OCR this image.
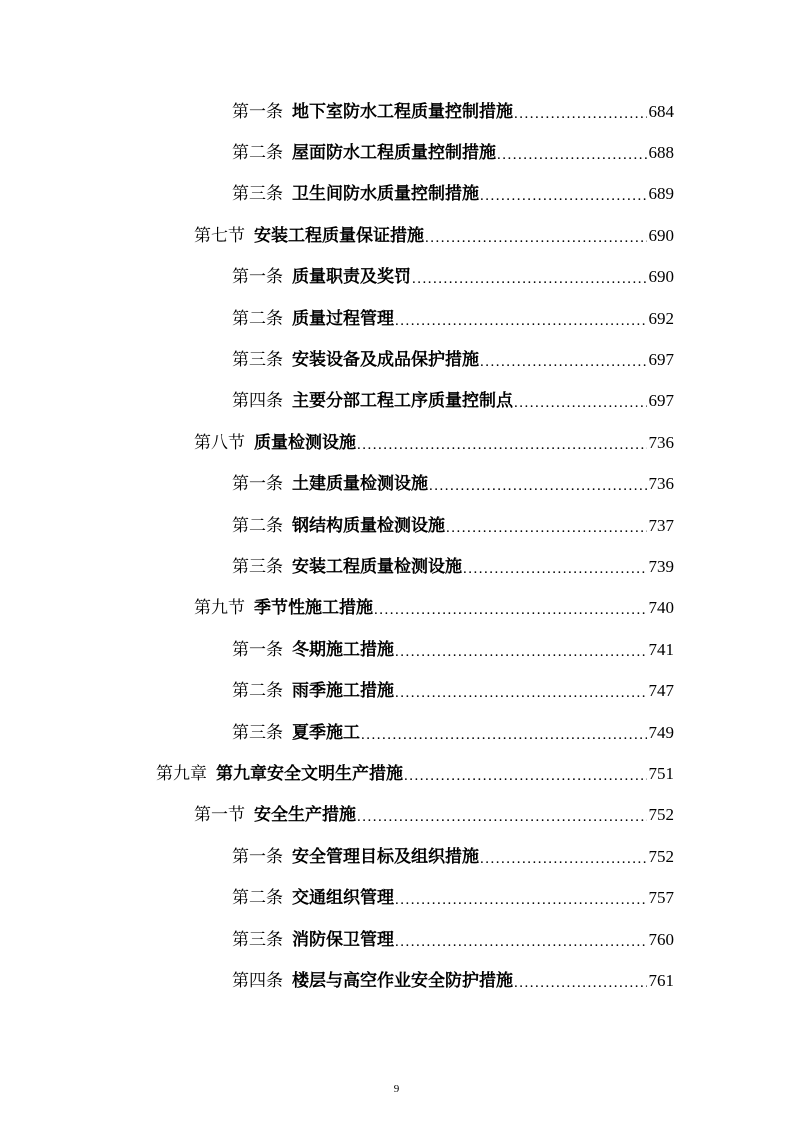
第一条 地下室防水工程质量控制措施 .....	684
第二条 屋面防水工程质量控制措施 .....	688
第三条 卫生间防水质量控制措施 .....	689
第七节 安装工程质量保证措施 .....	690
第一条 质量职责及奖罚 .....	690
第二条 质量过程管理 .....	692
第三条 安装设备及成品保护措施 .....	697
第四条 主要分部工程工序质量控制点 .....	697
第八节 质量检测设施 .....	736
第一条 土建质量检测设施 .....	736
第二条 钢结构质量检测设施 .....	737
第三条 安装工程质量检测设施 .....	739
第九节 季节性施工措施 .....	740
第一条 冬期施工措施 .....	741
第二条 雨季施工措施 .....	747
第三条 夏季施工 .....	749
第九章 第九章安全文明生产措施 .....	751
第一节 安全生产措施 .....	752
第一条 安全管理目标及组织措施 .....	752
第二条 交通组织管理 .....	757
第三条 消防保卫管理 .....	760
第四条 楼层与高空作业安全防护措施 .....	761
9
